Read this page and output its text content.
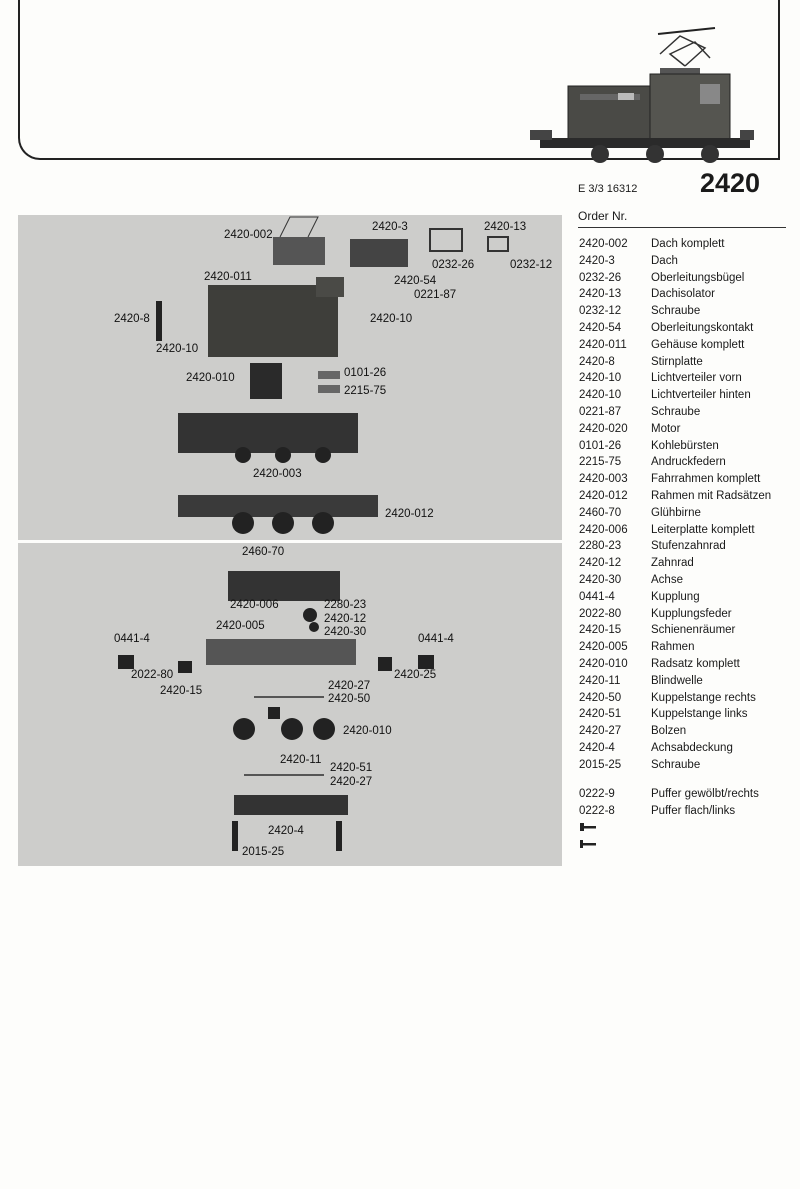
E 3/3 16312 2420
Order Nr.
2420-002	Dach komplett
2420-3	Dach
0232-26	Oberleitungsbügel
2420-13	Dachisolator
0232-12	Schraube
2420-54	Oberleitungskontakt
2420-011	Gehäuse komplett
2420-8	Stirnplatte
2420-10	Lichtverteiler vorn
2420-10	Lichtverteiler hinten
0221-87	Schraube
2420-020	Motor
0101-26	Kohlebürsten
2215-75	Andruckfedern
2420-003	Fahrrahmen komplett
2420-012	Rahmen mit Radsätzen
2460-70	Glühbirne
2420-006	Leiterplatte komplett
2280-23	Stufenzahnrad
2420-12	Zahnrad
2420-30	Achse
0441-4	Kupplung
2022-80	Kupplungsfeder
2420-15	Schienenräumer
2420-005	Rahmen
2420-010	Radsatz komplett
2420-11	Blindwelle
2420-50	Kuppelstange rechts
2420-51	Kuppelstange links
2420-27	Bolzen
2420-4	Achsabdeckung
2015-25	Schraube
0222-9	Puffer gewölbt/rechts
0222-8	Puffer flach/links
2420-002
2420-3	2420-13
0232-26	0232-12
2420-011	2420-54
0221-87
2420-8	2420-10
2420-10
2420-010	0101-26
2215-75
2420-003
2420-012
2460-70
2420-006	2280-23
2420-12
2420-30
2420-005
0441-4	0441-4
2022-80	2420-25
2420-15	2420-27
2420-50
2420-010
2420-11
2420-51
2420-27
2420-4
2015-25
